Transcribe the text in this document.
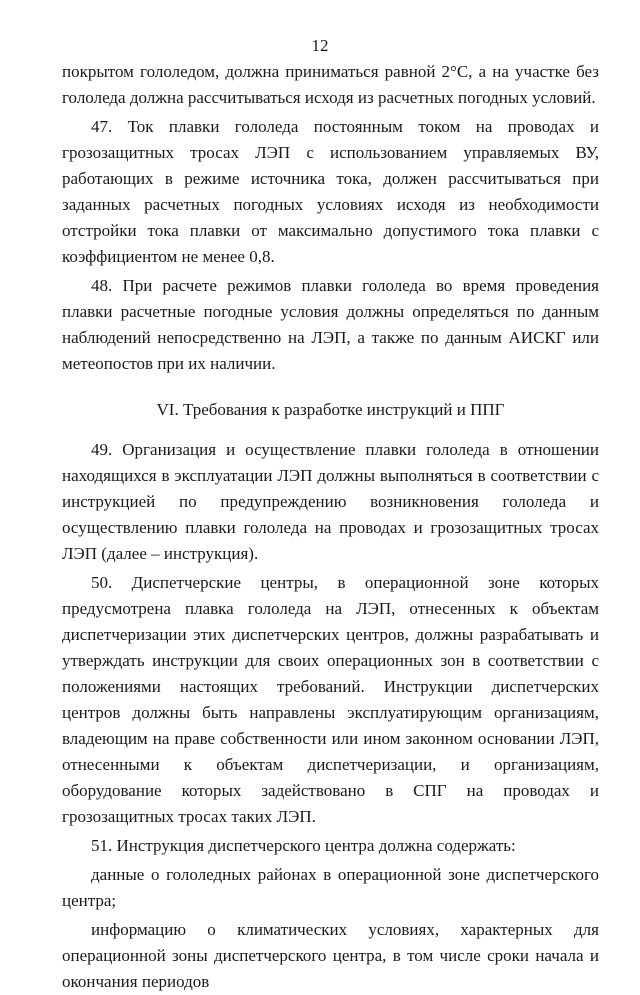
12

покрытом гололедом, должна приниматься равной 2°С, а на участке без гололеда должна рассчитываться исходя из расчетных погодных условий.

47. Ток плавки гололеда постоянным током на проводах и грозозащитных тросах ЛЭП с использованием управляемых ВУ, работающих в режиме источника тока, должен рассчитываться при заданных расчетных погодных условиях исходя из необходимости отстройки тока плавки от максимально допустимого тока плавки с коэффициентом не менее 0,8.

48. При расчете режимов плавки гололеда во время проведения плавки расчетные погодные условия должны определяться по данным наблюдений непосредственно на ЛЭП, а также по данным АИСКГ или метеопостов при их наличии.

VI. Требования к разработке инструкций и ППГ

49. Организация и осуществление плавки гололеда в отношении находящихся в эксплуатации ЛЭП должны выполняться в соответствии с инструкцией по предупреждению возникновения гололеда и осуществлению плавки гололеда на проводах и грозозащитных тросах ЛЭП (далее – инструкция).

50. Диспетчерские центры, в операционной зоне которых предусмотрена плавка гололеда на ЛЭП, отнесенных к объектам диспетчеризации этих диспетчерских центров, должны разрабатывать и утверждать инструкции для своих операционных зон в соответствии с положениями настоящих требований. Инструкции диспетчерских центров должны быть направлены эксплуатирующим организациям, владеющим на праве собственности или ином законном основании ЛЭП, отнесенными к объектам диспетчеризации, и организациям, оборудование которых задействовано в СПГ на проводах и грозозащитных тросах таких ЛЭП.

51. Инструкция диспетчерского центра должна содержать:

данные о гололедных районах в операционной зоне диспетчерского центра;

информацию о климатических условиях, характерных для операционной зоны диспетчерского центра, в том числе сроки начала и окончания периодов
